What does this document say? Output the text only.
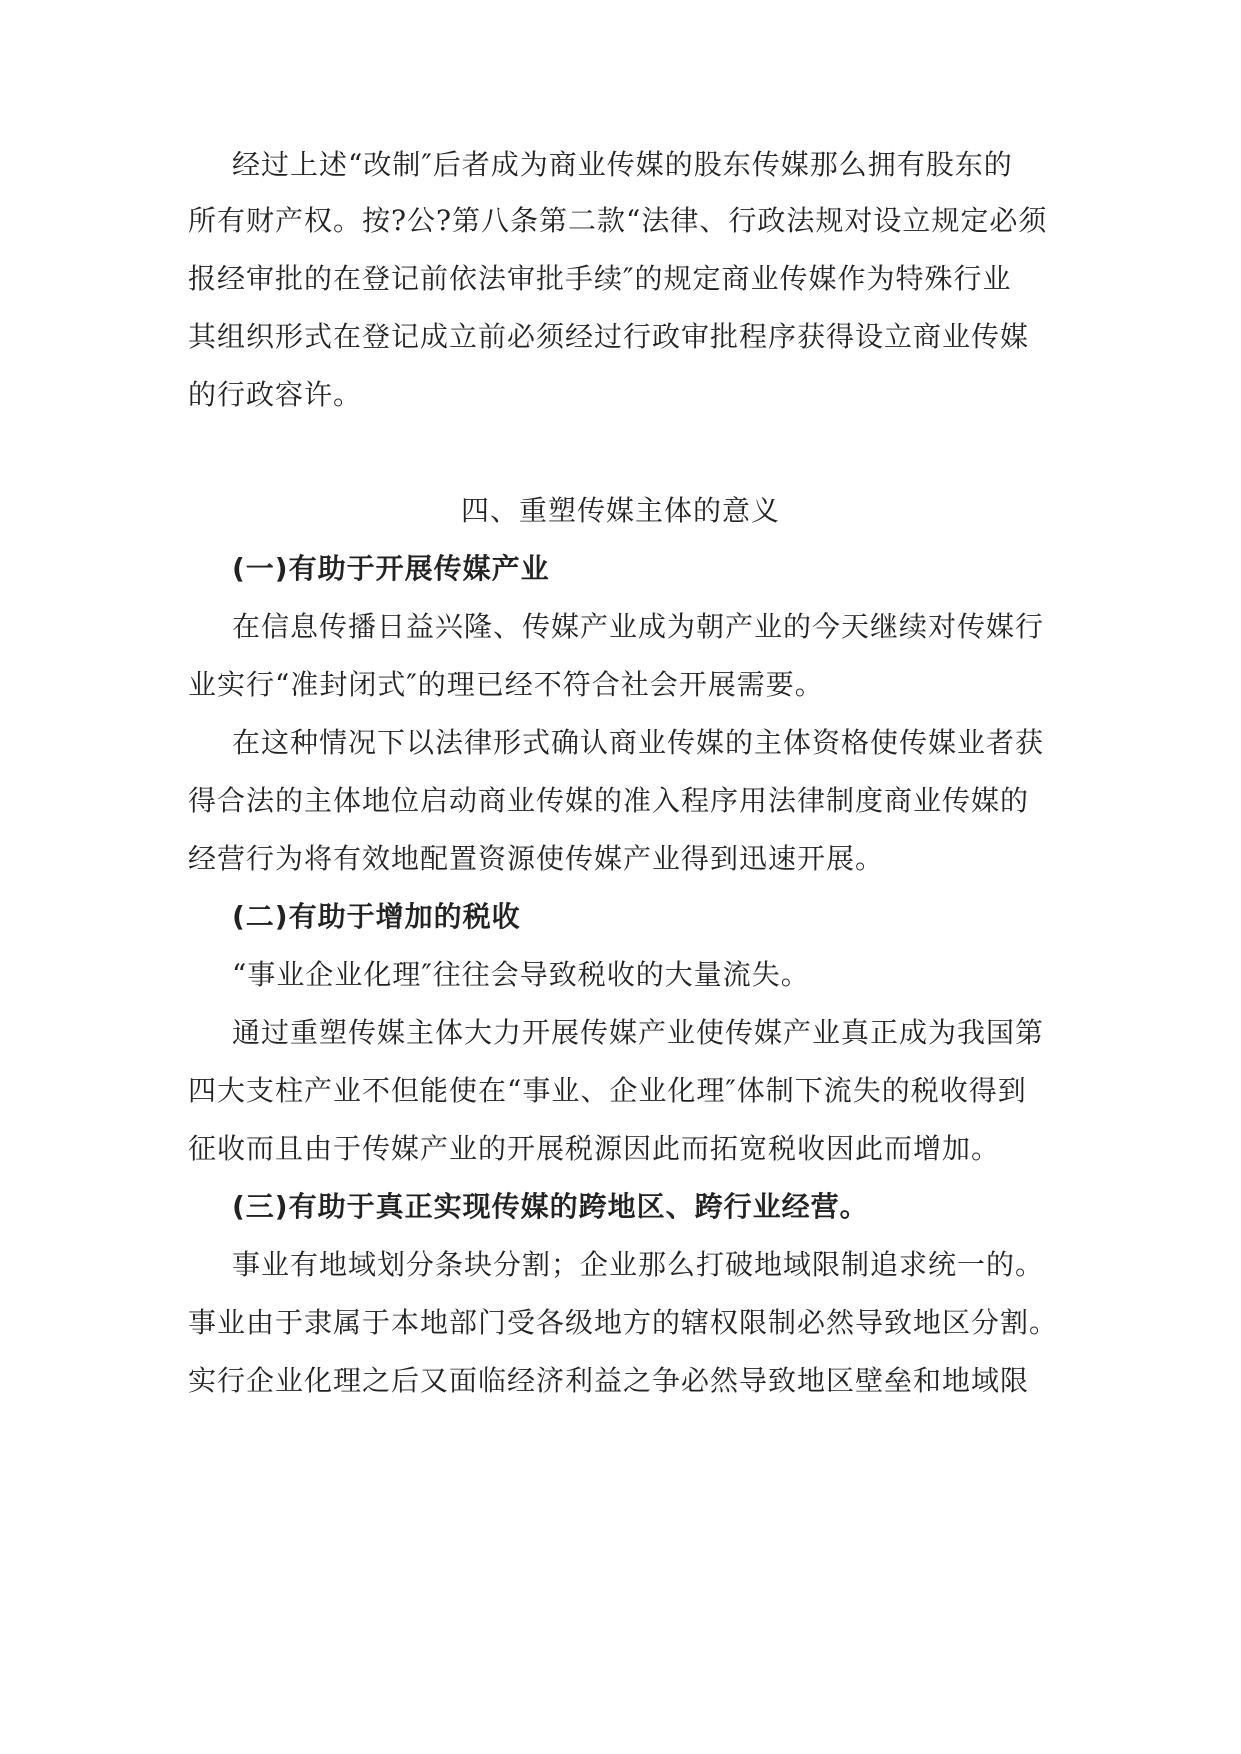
经过上述“改制″后者成为商业传媒的股东传媒那么拥有股东的
所有财产权。按?公?第八条第二款“法律、行政法规对设立规定必须
报经审批的在登记前依法审批手续″的规定商业传媒作为特殊行业
其组织形式在登记成立前必须经过行政审批程序获得设立商业传媒
的行政容许。
四、重塑传媒主体的意义
(一)有助于开展传媒产业
在信息传播日益兴隆、传媒产业成为朝产业的今天继续对传媒行
业实行“准封闭式″的理已经不符合社会开展需要。
在这种情况下以法律形式确认商业传媒的主体资格使传媒业者获
得合法的主体地位启动商业传媒的准入程序用法律制度商业传媒的
经营行为将有效地配置资源使传媒产业得到迅速开展。
(二)有助于增加的税收
“事业企业化理″往往会导致税收的大量流失。
通过重塑传媒主体大力开展传媒产业使传媒产业真正成为我国第
四大支柱产业不但能使在“事业、企业化理″体制下流失的税收得到
征收而且由于传媒产业的开展税源因此而拓宽税收因此而增加。
(三)有助于真正实现传媒的跨地区、跨行业经营。
事业有地域划分条块分割；企业那么打破地域限制追求统一的。
事业由于隶属于本地部门受各级地方的辖权限制必然导致地区分割。
实行企业化理之后又面临经济利益之争必然导致地区壁垒和地域限
